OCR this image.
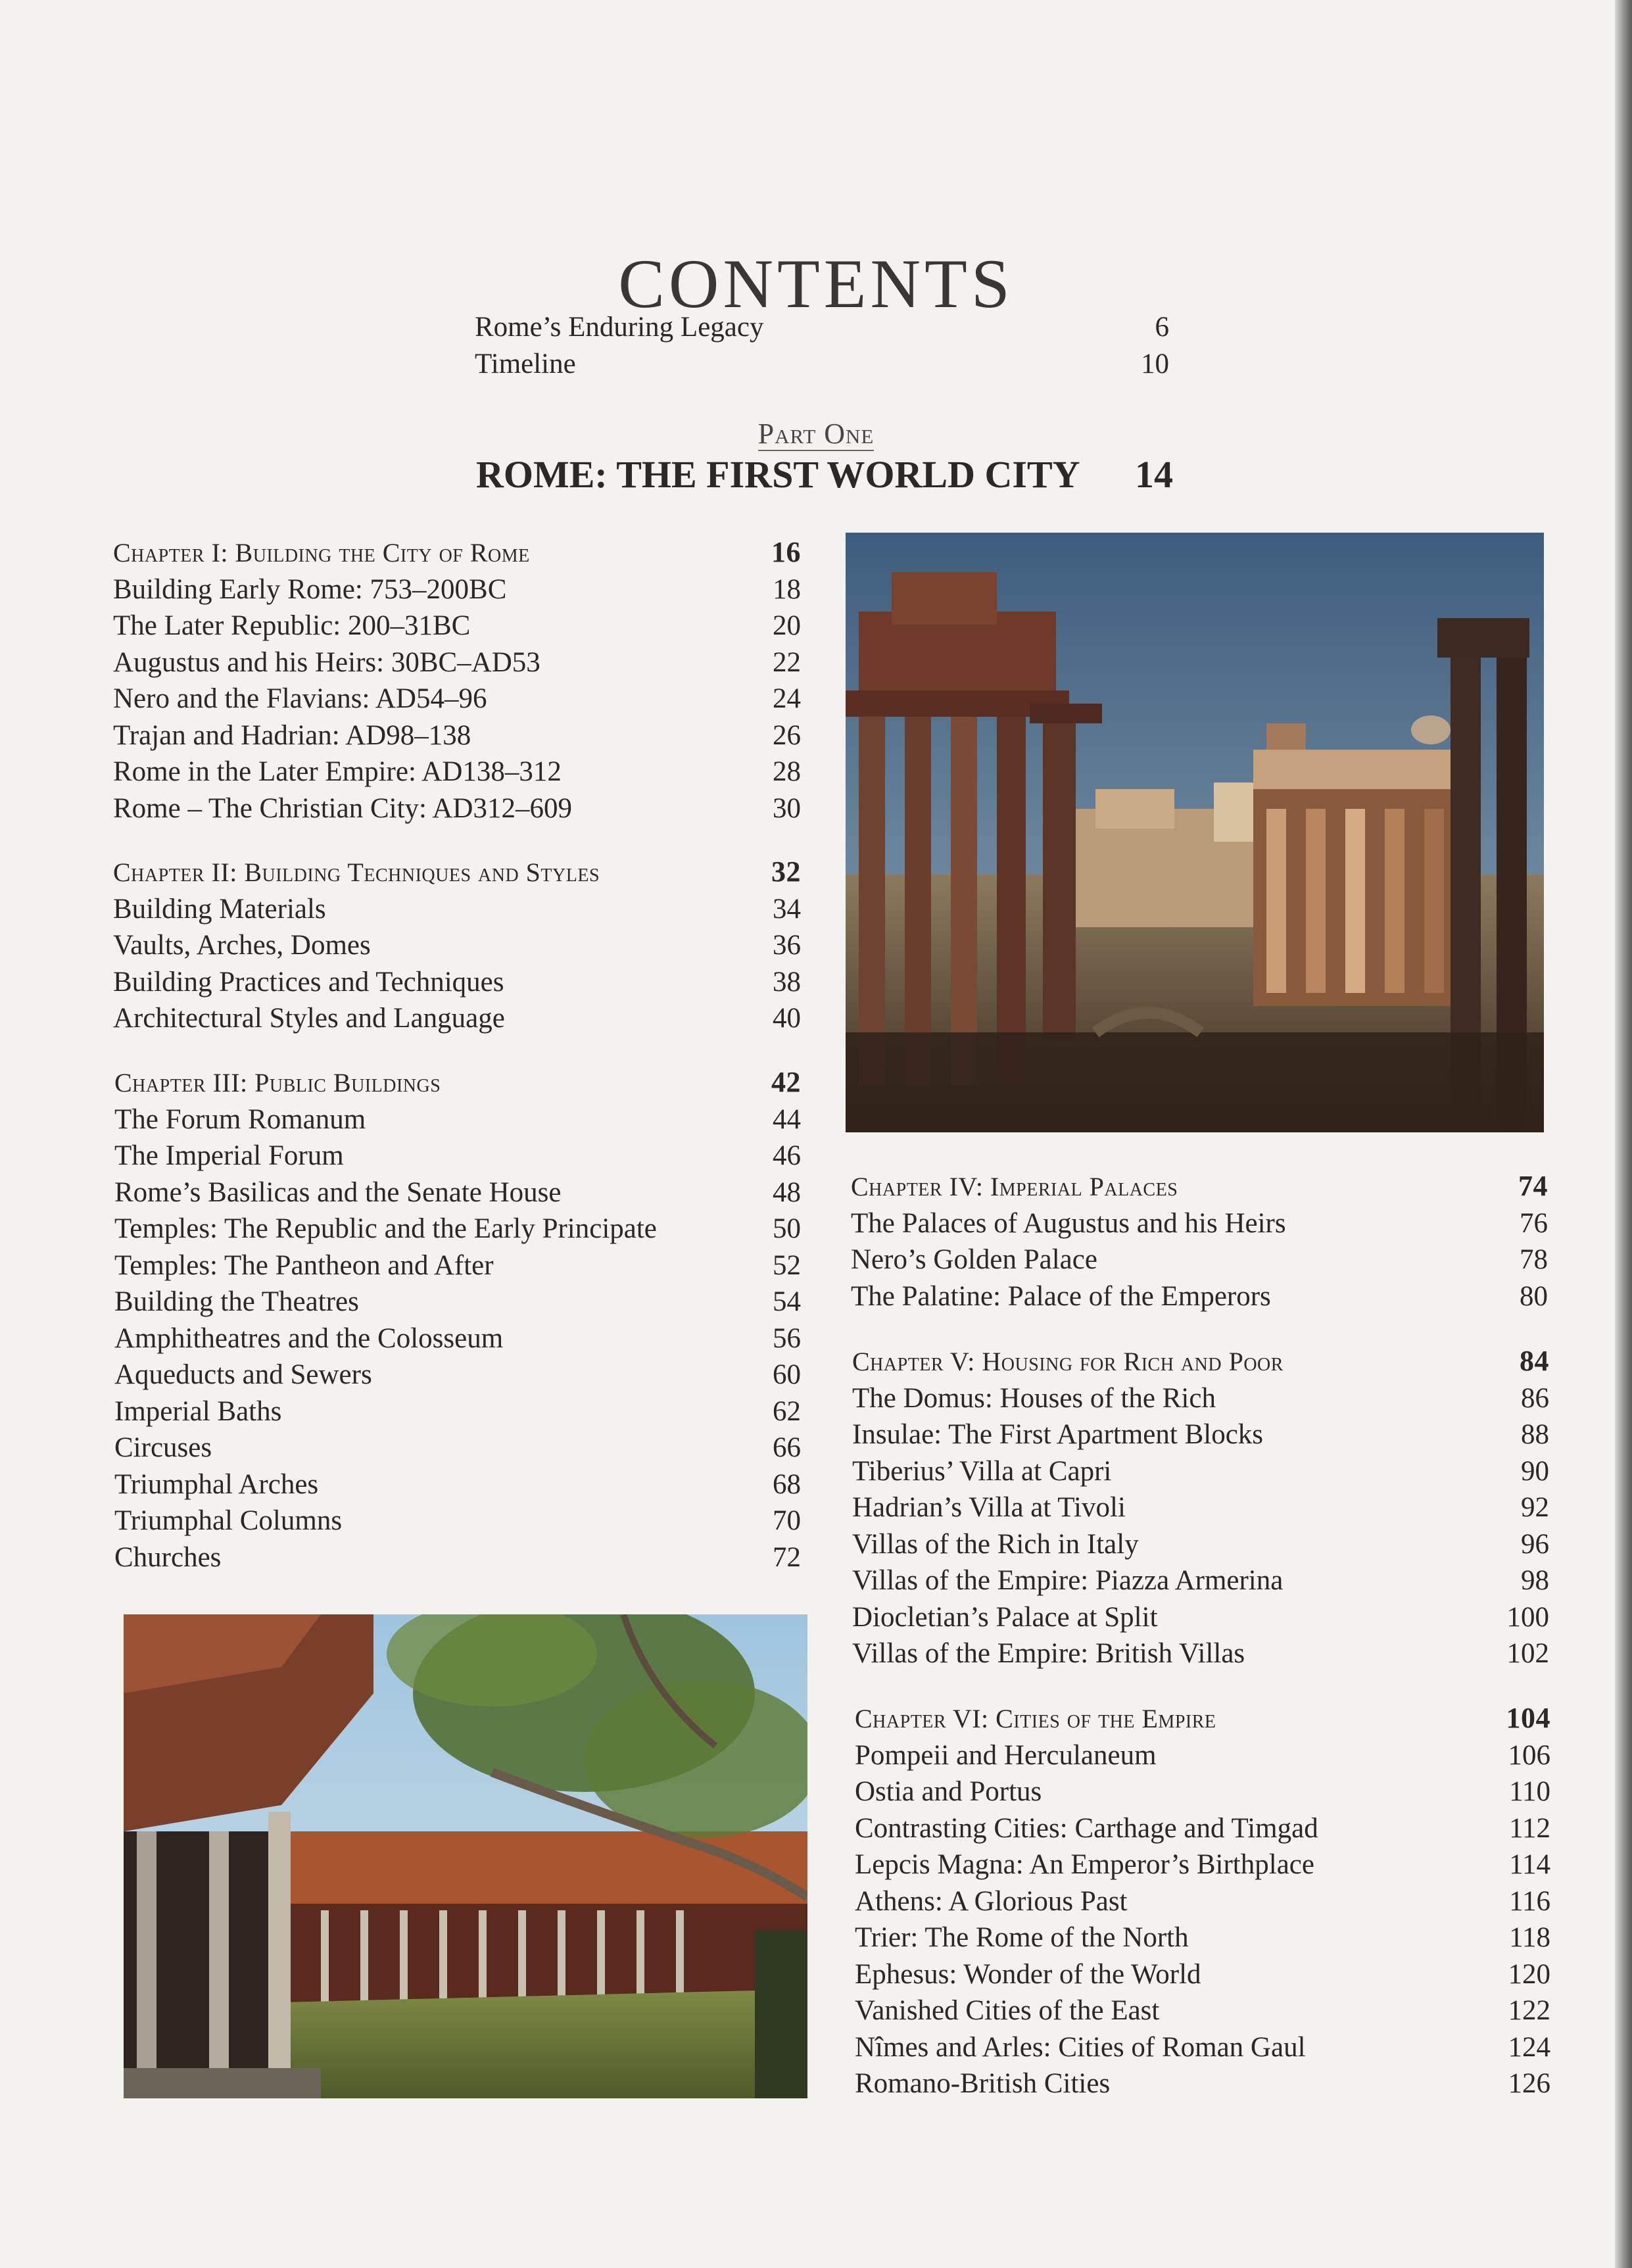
CONTENTS
Rome’s Enduring Legacy	6
Timeline	10
Part One
ROME: THE FIRST WORLD CITY 14
Chapter I: Building the City of Rome	16
Building Early Rome: 753–200BC	18
The Later Republic: 200–31BC	20
Augustus and his Heirs: 30BC–AD53	22
Nero and the Flavians: AD54–96	24
Trajan and Hadrian: AD98–138	26
Rome in the Later Empire: AD138–312	28
Rome – The Christian City: AD312–609	30
Chapter II: Building Techniques and Styles	32
Building Materials	34
Vaults, Arches, Domes	36
Building Practices and Techniques	38
Architectural Styles and Language	40
Chapter III: Public Buildings	42
The Forum Romanum	44
The Imperial Forum	46
Rome’s Basilicas and the Senate House	48
Temples: The Republic and the Early Principate	50
Temples: The Pantheon and After	52
Building the Theatres	54
Amphitheatres and the Colosseum	56
Aqueducts and Sewers	60
Imperial Baths	62
Circuses	66
Triumphal Arches	68
Triumphal Columns	70
Churches	72
Chapter IV: Imperial Palaces	74
The Palaces of Augustus and his Heirs	76
Nero’s Golden Palace	78
The Palatine: Palace of the Emperors	80
Chapter V: Housing for Rich and Poor	84
The Domus: Houses of the Rich	86
Insulae: The First Apartment Blocks	88
Tiberius’ Villa at Capri	90
Hadrian’s Villa at Tivoli	92
Villas of the Rich in Italy	96
Villas of the Empire: Piazza Armerina	98
Diocletian’s Palace at Split	100
Villas of the Empire: British Villas	102
Chapter VI: Cities of the Empire	104
Pompeii and Herculaneum	106
Ostia and Portus	110
Contrasting Cities: Carthage and Timgad	112
Lepcis Magna: An Emperor’s Birthplace	114
Athens: A Glorious Past	116
Trier: The Rome of the North	118
Ephesus: Wonder of the World	120
Vanished Cities of the East	122
Nîmes and Arles: Cities of Roman Gaul	124
Romano-British Cities	126
